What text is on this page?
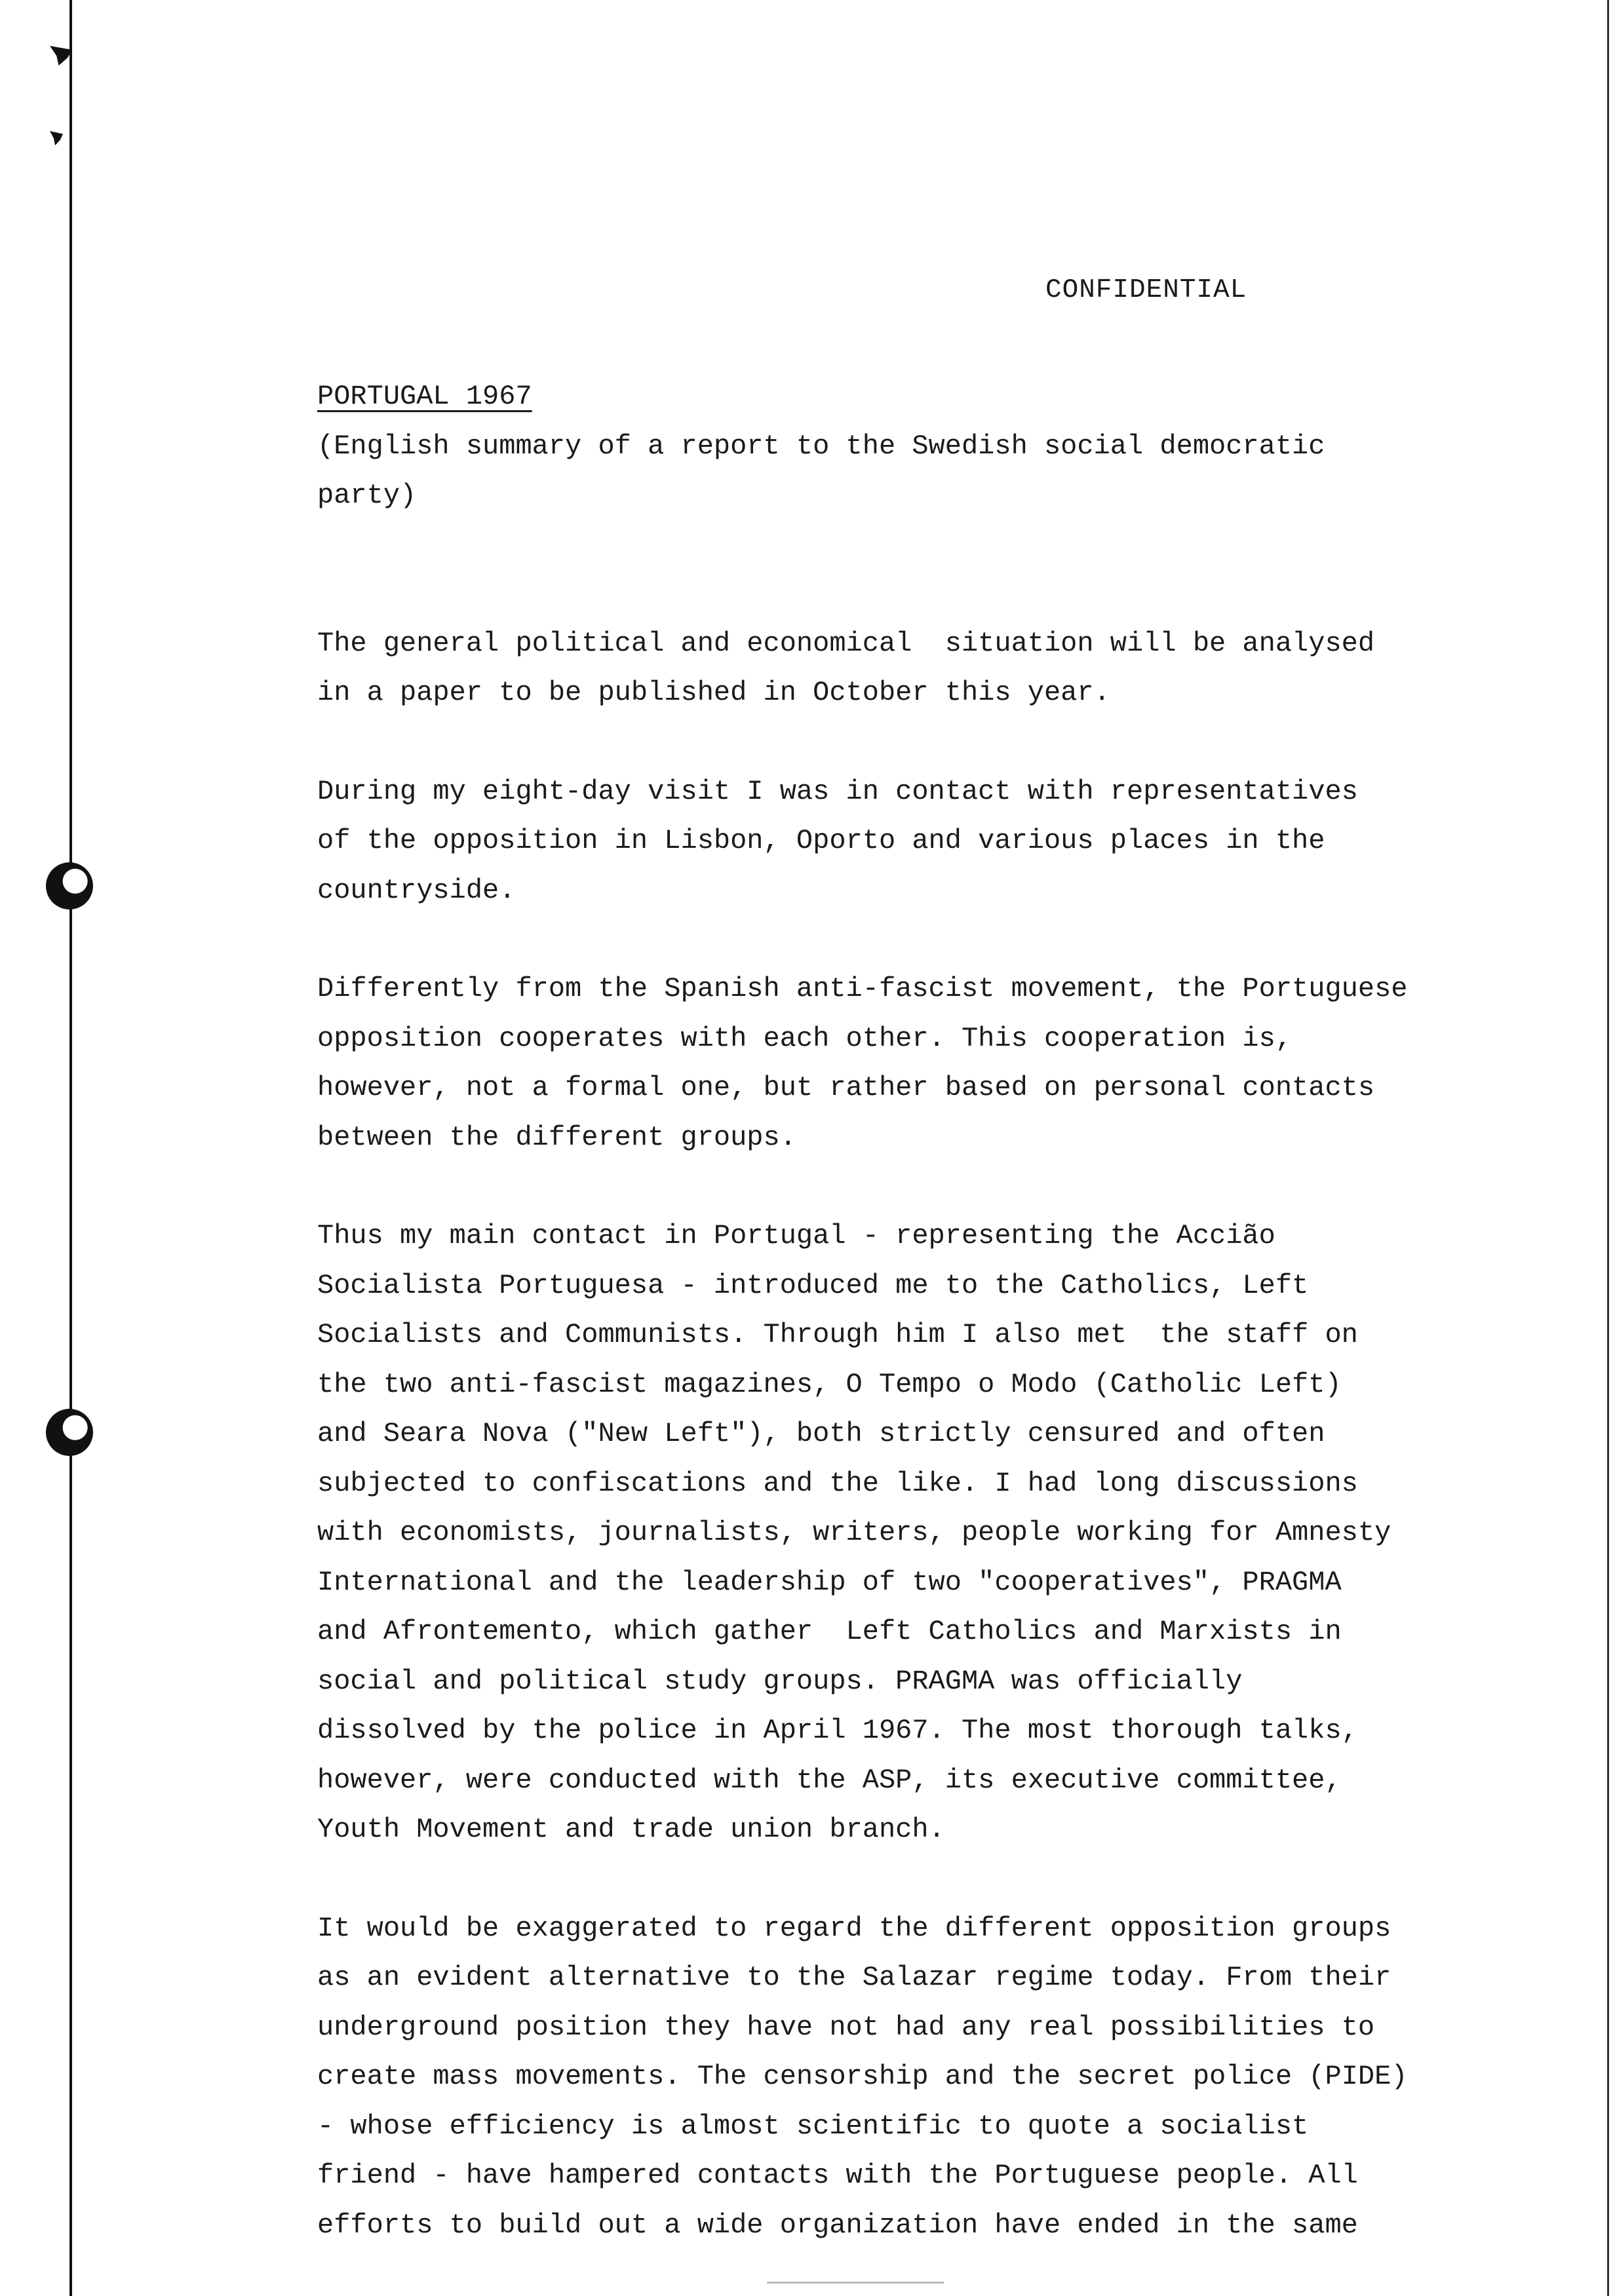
CONFIDENTIAL
PORTUGAL 1967

(English summary of a report to the Swedish social democratic
party)

The general political and economical  situation will be analysed
in a paper to be published in October this year.

During my eight-day visit I was in contact with representatives
of the opposition in Lisbon, Oporto and various places in the
countryside.

Differently from the Spanish anti-fascist movement, the Portuguese
opposition cooperates with each other. This cooperation is,
however, not a formal one, but rather based on personal contacts
between the different groups.

Thus my main contact in Portugal - representing the Accião
Socialista Portuguesa - introduced me to the Catholics, Left
Socialists and Communists. Through him I also met  the staff on
the two anti-fascist magazines, O Tempo o Modo (Catholic Left)
and Seara Nova ("New Left"), both strictly censured and often
subjected to confiscations and the like. I had long discussions
with economists, journalists, writers, people working for Amnesty
International and the leadership of two "cooperatives", PRAGMA
and Afrontemento, which gather  Left Catholics and Marxists in
social and political study groups. PRAGMA was officially
dissolved by the police in April 1967. The most thorough talks,
however, were conducted with the ASP, its executive committee,
Youth Movement and trade union branch.

It would be exaggerated to regard the different opposition groups
as an evident alternative to the Salazar regime today. From their
underground position they have not had any real possibilities to
create mass movements. The censorship and the secret police (PIDE)
- whose efficiency is almost scientific to quote a socialist
friend - have hampered contacts with the Portuguese people. All
efforts to build out a wide organization have ended in the same
